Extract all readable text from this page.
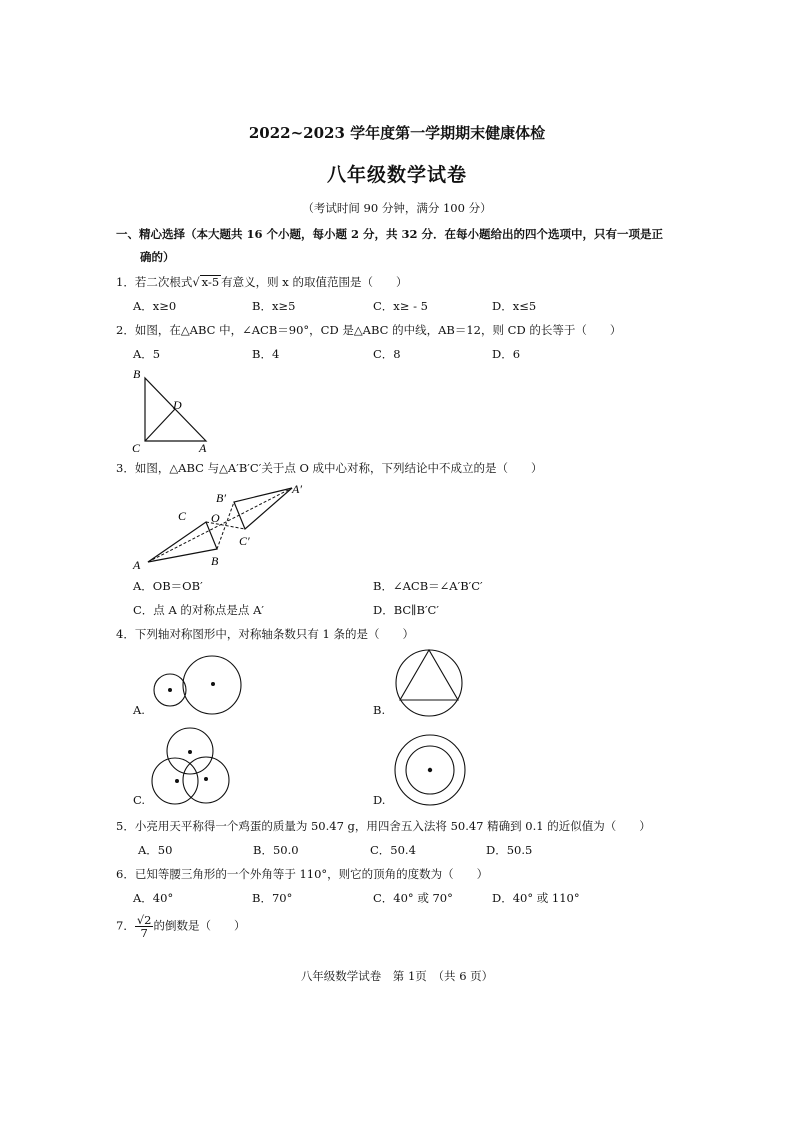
2022~2023 学年度第一学期期末健康体检
八年级数学试卷
（考试时间 90 分钟，满分 100 分）
一、精心选择（本大题共 16 个小题，每小题 2 分，共 32 分．在每小题给出的四个选项中，只有一项是正
确的）
1．若二次根式√ x-5 有意义，则 x 的取值范围是（　　）
A．x≥0	B．x≥5	C．x≥ - 5	D．x≤5
2．如图，在△ABC 中，∠ACB＝90°，CD 是△ABC 的中线，AB＝12，则 CD 的长等于（　　）
A．5	B．4	C．8	D．6
B
D
C	A
3．如图，△ABC 与△A′B′C′关于点 O 成中心对称，下列结论中不成立的是（　　）
B′
A′
C O
C′
A	B
A．OB＝OB′	B．∠ACB＝∠A′B′C′
C．点 A 的对称点是点 A′	D．BC∥B′C′
4．下列轴对称图形中，对称轴条数只有 1 条的是（　　）
A.	B.
C.	D.
5．小亮用天平称得一个鸡蛋的质量为 50.47 g，用四舍五入法将 50.47 精确到 0.1 的近似值为（　　）
A．50	B．50.0	C．50.4	D．50.5
6．已知等腰三角形的一个外角等于 110°，则它的顶角的度数为（　　）
A．40°	B．70°	C．40° 或 70°	D．40° 或 110°
7． $\frac{√2}{7}$ 的倒数是（　　）
八年级数学试卷　第 1页　（共 6 页）
